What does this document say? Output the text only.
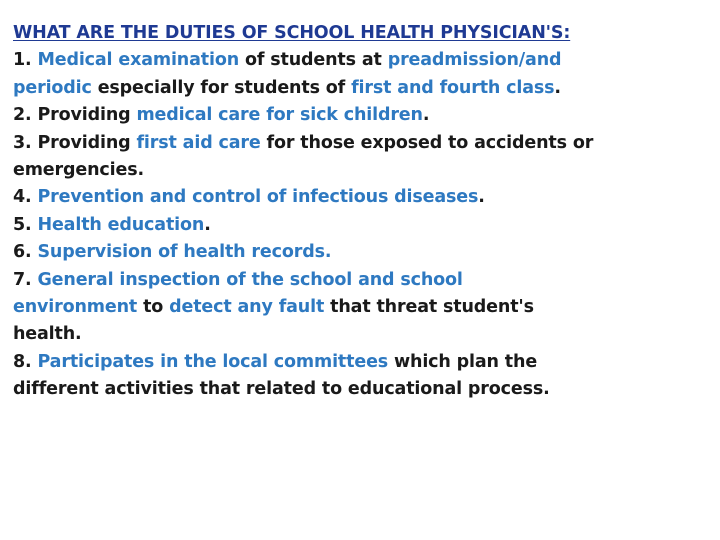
WHAT ARE THE DUTIES OF SCHOOL HEALTH PHYSICIAN'S:
1. Medical examination of students at preadmission/and
periodic especially for students of first and fourth class.
2. Providing medical care for sick children.
3. Providing first aid care for those exposed to accidents or
emergencies.
4. Prevention and control of infectious diseases.
5. Health education.
6. Supervision of health records.
7. General inspection of the school and school
environment to detect any fault that threat student's
health.
8. Participates in the local committees which plan the
different activities that related to educational process.
